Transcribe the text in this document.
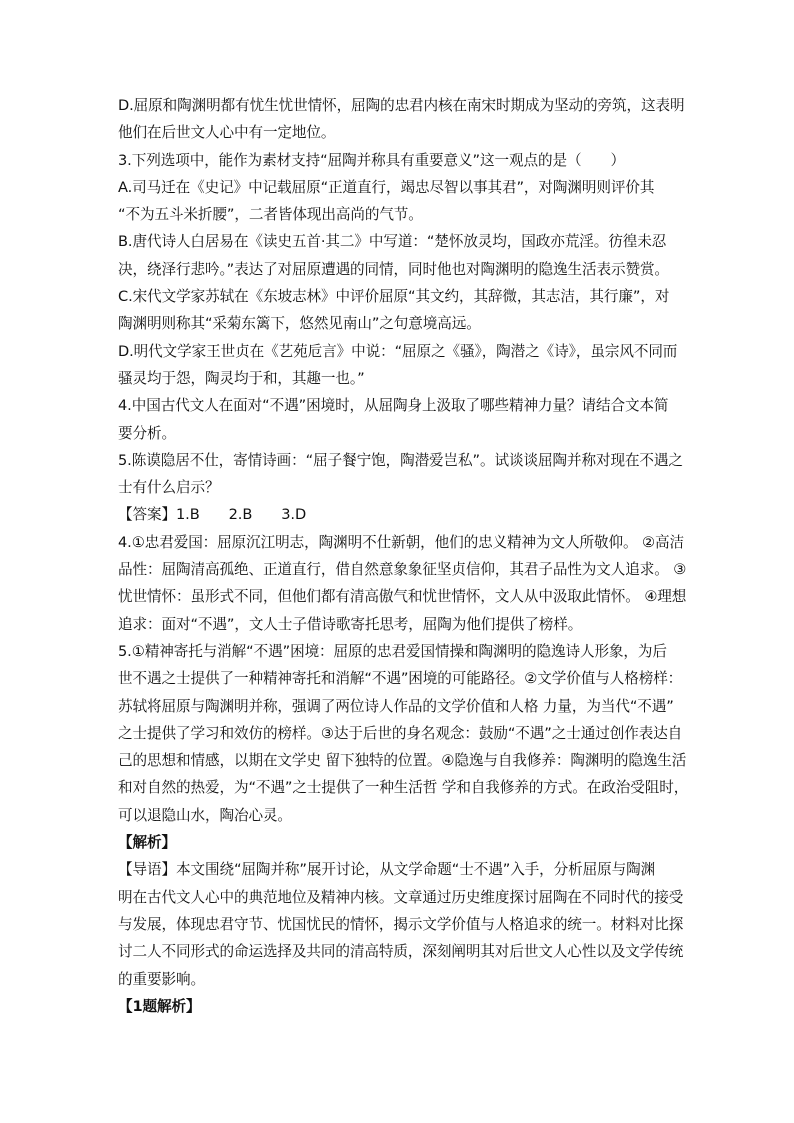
D.屈原和陶渊明都有忧生忧世情怀，屈陶的忠君内核在南宋时期成为坚动的旁筑，这表明
他们在后世文人心中有一定地位。
3.下列选项中，能作为素材支持“屈陶并称具有重要意义”这一观点的是（　　）
A.司马迁在《史记》中记载屈原“正道直行，竭忠尽智以事其君”，对陶渊明则评价其
“不为五斗米折腰”，二者皆体现出高尚的气节。
B.唐代诗人白居易在《读史五首·其二》中写道：“楚怀放灵均，国政亦荒淫。彷徨未忍
决，绕泽行悲吟。”表达了对屈原遭遇的同情，同时他也对陶渊明的隐逸生活表示赞赏。
C.宋代文学家苏轼在《东坡志林》中评价屈原“其文约，其辞微，其志洁，其行廉”，对
陶渊明则称其“采菊东篱下，悠然见南山”之句意境高远。
D.明代文学家王世贞在《艺苑卮言》中说：“屈原之《骚》，陶潜之《诗》，虽宗风不同而
骚灵均于怨，陶灵均于和，其趣一也。”
4.中国古代文人在面对“不遇”困境时，从屈陶身上汲取了哪些精神力量？请结合文本简
要分析。
5.陈谟隐居不仕，寄情诗画：“屈子餐宁饱，陶潜爱岂私”。试谈谈屈陶并称对现在不遇之
士有什么启示？
【答案】1.B　　2.B　　3.D
4.①忠君爱国：屈原沉江明志，陶渊明不仕新朝，他们的忠义精神为文人所敬仰。 ②高洁
品性：屈陶清高孤绝、正道直行，借自然意象象征坚贞信仰，其君子品性为文人追求。 ③
忧世情怀：虽形式不同，但他们都有清高傲气和忧世情怀，文人从中汲取此情怀。 ④理想
追求：面对“不遇”，文人士子借诗歌寄托思考，屈陶为他们提供了榜样。
5.①精神寄托与消解“不遇”困境：屈原的忠君爱国情操和陶渊明的隐逸诗人形象，为后
世不遇之士提供了一种精神寄托和消解“不遇”困境的可能路径。②文学价值与人格榜样：
苏轼将屈原与陶渊明并称，强调了两位诗人作品的文学价值和人格 力量，为当代“不遇”
之士提供了学习和效仿的榜样。③达于后世的身名观念：鼓励“不遇”之士通过创作表达自
己的思想和情感，以期在文学史 留下独特的位置。④隐逸与自我修养：陶渊明的隐逸生活
和对自然的热爱，为“不遇”之士提供了一种生活哲 学和自我修养的方式。在政治受阻时，
可以退隐山水，陶冶心灵。
【解析】
【导语】本文围绕“屈陶并称”展开讨论，从文学命题“士不遇”入手，分析屈原与陶渊
明在古代文人心中的典范地位及精神内核。文章通过历史维度探讨屈陶在不同时代的接受
与发展，体现忠君守节、忧国忧民的情怀，揭示文学价值与人格追求的统一。材料对比探
讨二人不同形式的命运选择及共同的清高特质，深刻阐明其对后世文人心性以及文学传统
的重要影响。
【1题解析】
